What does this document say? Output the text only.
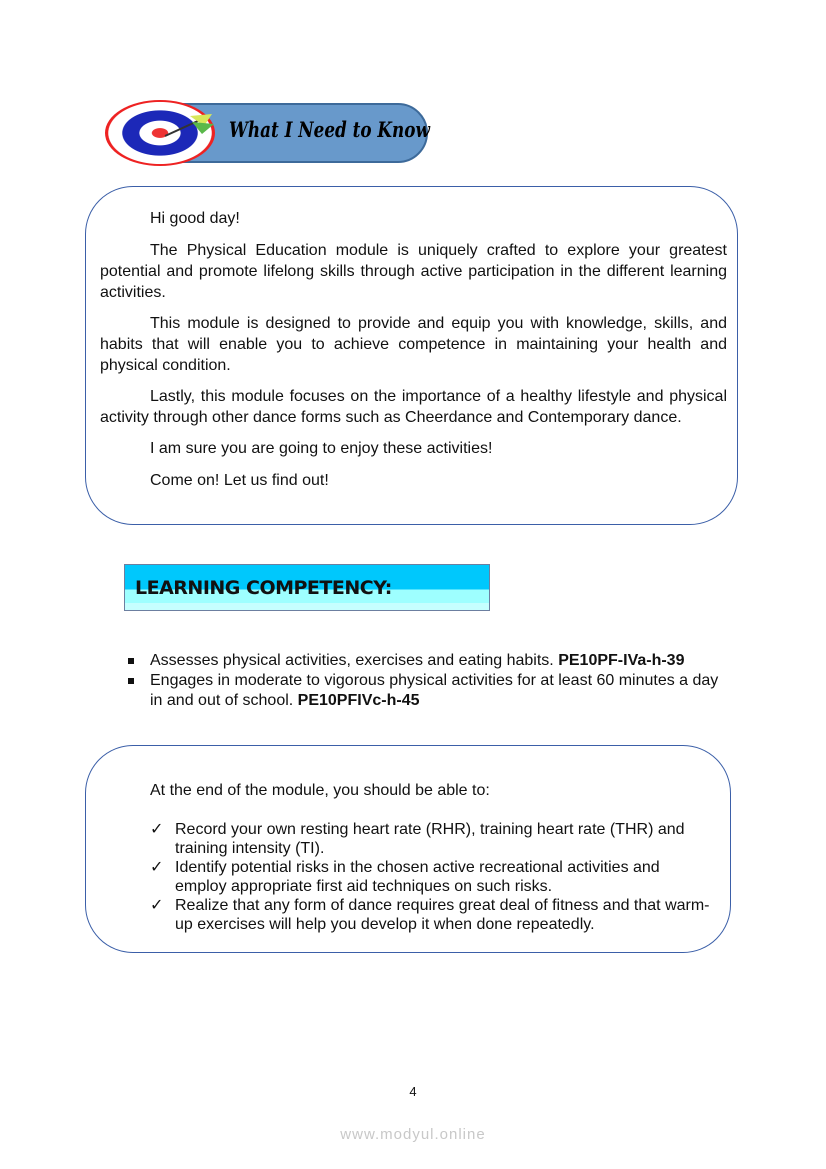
What I Need to Know
Hi good day!
The Physical Education module is uniquely crafted to explore your greatest potential and promote lifelong skills through active participation in the different learning activities.
This module is designed to provide and equip you with knowledge, skills, and habits that will enable you to achieve competence in maintaining your health and physical condition.
Lastly, this module focuses on the importance of a healthy lifestyle and physical activity through other dance forms such as Cheerdance and Contemporary dance.
I am sure you are going to enjoy these activities!
Come on! Let us find out!
LEARNING COMPETENCY:
Assesses physical activities, exercises and eating habits. PE10PF-IVa-h-39
Engages in moderate to vigorous physical activities for at least 60 minutes a day in and out of school. PE10PFIVc-h-45
At the end of the module, you should be able to:
✓ Record your own resting heart rate (RHR), training heart rate (THR) and training intensity (TI).
✓ Identify potential risks in the chosen active recreational activities and employ appropriate first aid techniques on such risks.
✓ Realize that any form of dance requires great deal of fitness and that warm-up exercises will help you develop it when done repeatedly.
4
www.modyul.online
